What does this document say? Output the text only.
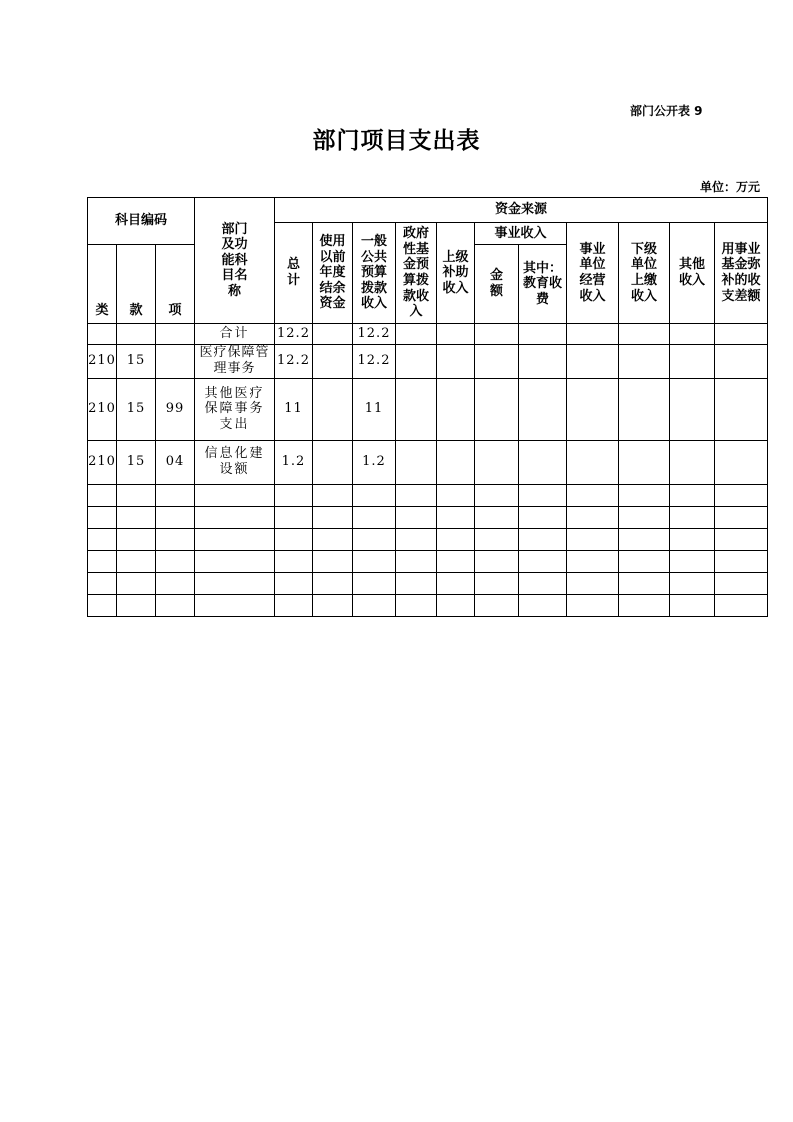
部门公开表 9
部门项目支出表
单位：万元
科目编码			部门及功能科目名称	资金来源										
				总计	使用以前年度结余资金	一般公共预算拨款收入	政府性基金预算拨款收入	上级补助收入	事业收入		事业单位经营收入	下级单位上缴收入	其他收入	用事业基金弥补的收支差额
类	款	项							金额	其中：教育收费				

			合计	12.2		12.2								
210	15		医疗保障管理事务	12.2		12.2								
210	15	99	其他医疗保障事务支出	11		11								
210	15	04	信息化建设额	1.2		1.2								
